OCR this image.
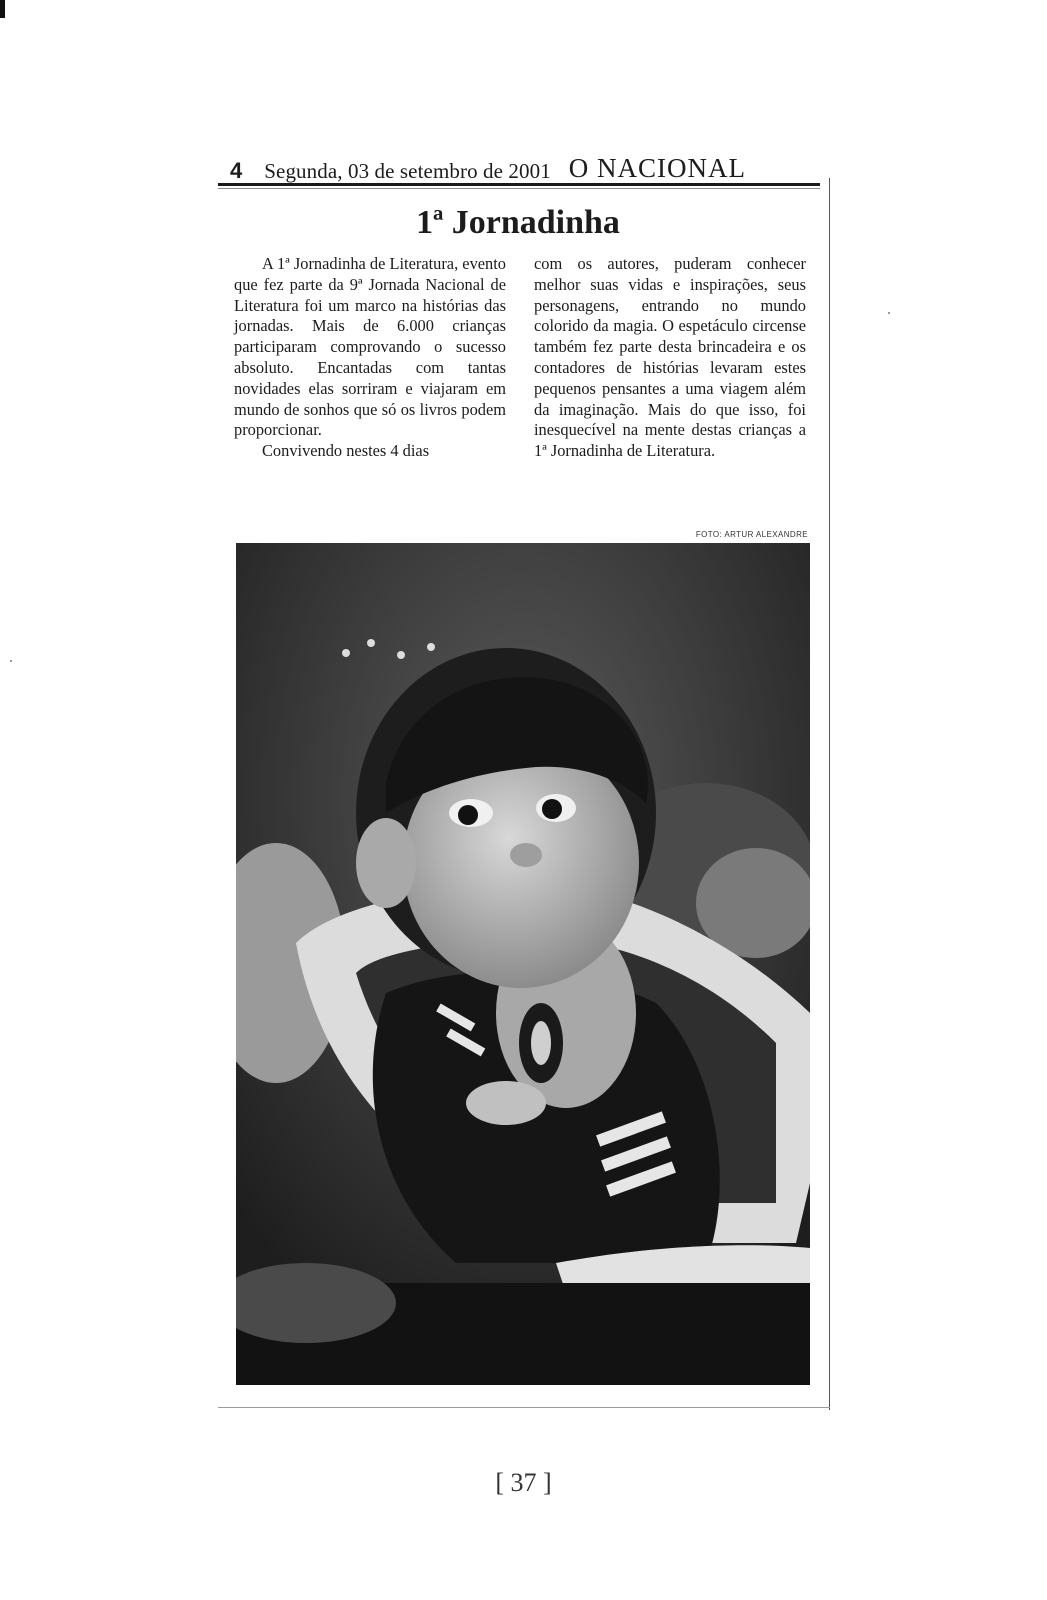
4 Segunda, 03 de setembro de 2001 O NACIONAL
1ª Jornadinha

A 1ª Jornadinha de Literatura, evento que fez parte da 9ª Jornada Nacional de Literatura foi um marco na histórias das jornadas. Mais de 6.000 crianças participaram comprovando o sucesso absoluto. Encantadas com tantas novidades elas sorriram e viajaram em mundo de sonhos que só os livros podem proporcionar.

Convivendo nestes 4 dias

com os autores, puderam conhecer melhor suas vidas e inspirações, seus personagens, entrando no mundo colorido da magia. O espetáculo circense também fez parte desta brincadeira e os contadores de histórias levaram estes pequenos pensantes a uma viagem além da imaginação. Mais do que isso, foi inesquecível na mente destas crianças a 1ª Jornadinha de Literatura.

FOTO: ARTUR ALEXANDRE
[ 37 ]
